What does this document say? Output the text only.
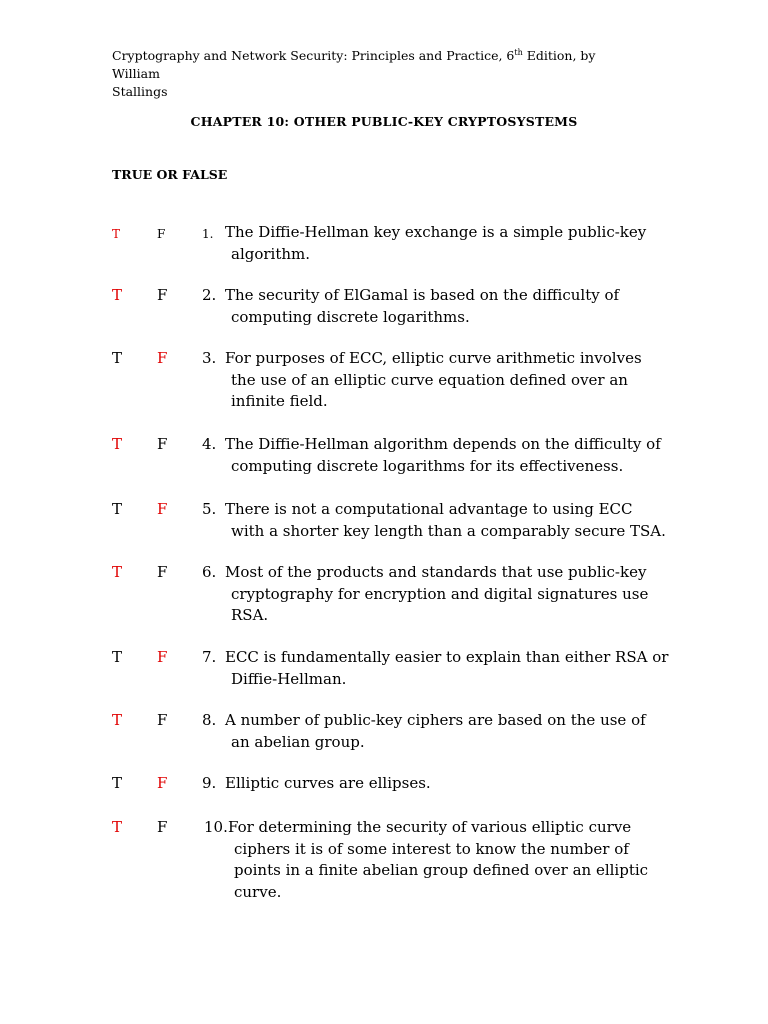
Cryptography and Network Security: Principles and Practice, 6th Edition, by William
Stallings
CHAPTER 10: OTHER PUBLIC-KEY CRYPTOSYSTEMS
TRUE OR FALSE
T	F	1. The Diffie-Hellman key exchange is a simple public-key
algorithm.
T F 2. The security of ElGamal is based on the difficulty of
computing discrete logarithms.
T F 3. For purposes of ECC, elliptic curve arithmetic involves
the use of an elliptic curve equation defined over an
infinite field.
T F 4. The Diffie-Hellman algorithm depends on the difficulty of
computing discrete logarithms for its effectiveness.
T F 5. There is not a computational advantage to using ECC
with a shorter key length than a comparably secure TSA.
T F 6. Most of the products and standards that use public-key
cryptography for encryption and digital signatures use
RSA.
T F 7. ECC is fundamentally easier to explain than either RSA or
Diffie-Hellman.
T F 8. A number of public-key ciphers are based on the use of
an abelian group.
T F 9. Elliptic curves are ellipses.
T F 10. For determining the security of various elliptic curve
ciphers it is of some interest to know the number of
points in a finite abelian group defined over an elliptic
curve.
